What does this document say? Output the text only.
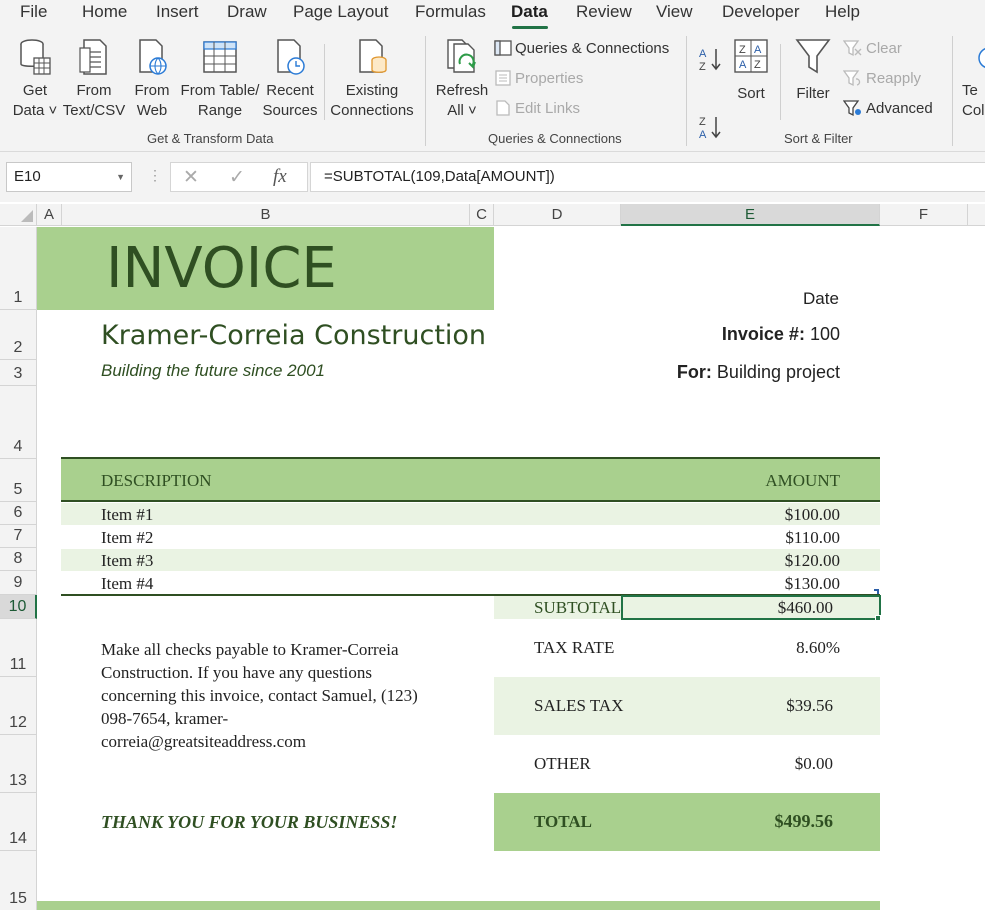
File Home Insert Draw Page Layout Formulas Data Review View Developer Help
Get
Data ˅
From
Text/CSV
From
Web
From Table/
Range
Recent
Sources
Existing
Connections
Get & Transform Data
Refresh
All ˅
Queries & Connections
Properties
Edit Links
Queries & Connections
A
Z
Z
A
Z A
A Z
Sort	Filter
Clear
Reapply
Advanced
Sort & Filter
Te
Col
E10	▼ ⋮ ✕ ✓ fx	=SUBTOTAL(109,Data[AMOUNT])
A	B	C	D	E	F
1
2
3
4
5
6
7
8
9
10
11
12
13
14
15
INVOICE	Date
Kramer-Correia Construction
Building the future since 2001
Invoice #: 100
For: Building project
DESCRIPTION	AMOUNT
Item #1	$100.00
Item #2	$110.00
Item #3	$120.00
Item #4	$130.00
SUBTOTAL	$460.00
Make all checks payable to Kramer-Correia
Construction. If you have any questions
concerning this invoice, contact Samuel, (123)
098-7654, kramer-
correia@greatsiteaddress.com
TAX RATE	8.60%
SALES TAX	$39.56
OTHER	$0.00
TOTAL	$499.56
THANK YOU FOR YOUR BUSINESS!
